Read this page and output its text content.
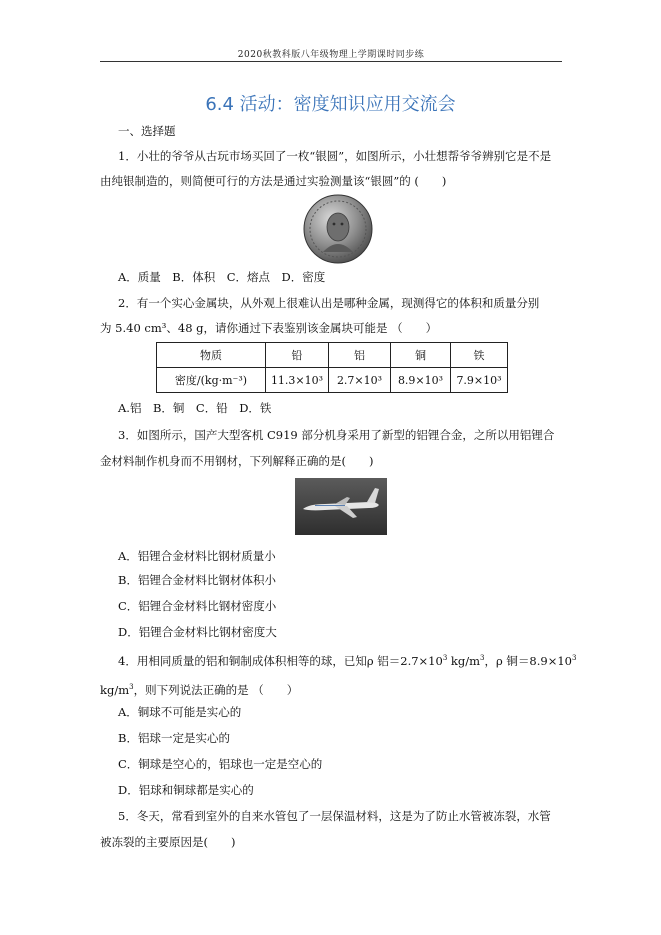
2020秋教科版八年级物理上学期课时同步练
6.4 活动：密度知识应用交流会
一、选择题
1．小壮的爷爷从古玩市场买回了一枚“银圆”，如图所示，小壮想帮爷爷辨别它是不是
由纯银制造的，则简便可行的方法是通过实验测量该“银圆”的 (　　)
A．质量　B．体积　C．熔点　D．密度
2．有一个实心金属块，从外观上很难认出是哪种金属，现测得它的体积和质量分别
为 5.40 cm³、48 g，请你通过下表鉴别该金属块可能是 （　　）
物质	铅	铝	铜	铁
密度/(kg·m⁻³)	11.3×10³	2.7×10³	8.9×10³	7.9×10³
A.铝　B．铜　C．铅　D．铁
3．如图所示，国产大型客机 C919 部分机身采用了新型的铝锂合金，之所以用铝锂合
金材料制作机身而不用钢材，下列解释正确的是(　　)
A．铝锂合金材料比钢材质量小
B．铝锂合金材料比钢材体积小
C．铝锂合金材料比钢材密度小
D．铝锂合金材料比钢材密度大
4．用相同质量的铝和铜制成体积相等的球，已知ρ 铝$=2.7\times 10^3$ $kg/m^3$，ρ 铜$=8.9\times 10^3$
$kg/m^3$，则下列说法正确的是 （　　）
A．铜球不可能是实心的
B．铝球一定是实心的
C．铜球是空心的，铝球也一定是空心的
D．铝球和铜球都是实心的
5．冬天，常看到室外的自来水管包了一层保温材料，这是为了防止水管被冻裂，水管
被冻裂的主要原因是(　　)
